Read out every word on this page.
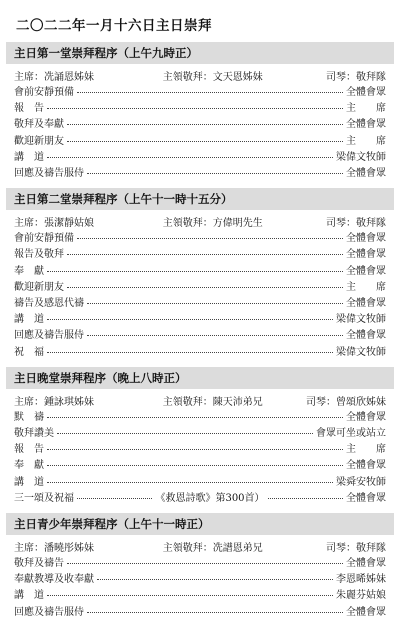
二〇二二年一月十六日主日崇拜
主日第一堂崇拜程序（上午九時正）
主席：冼誦恩姊妹	主領敬拜：文天恩姊妹	司琴：敬拜隊
會前安靜預備	全體會眾
報　告	主　　席
敬拜及奉獻	全體會眾
歡迎新朋友	主　　席
講　道	梁偉文牧師
回應及禱告服侍	全體會眾
主日第二堂崇拜程序（上午十一時十五分）
主席：張潔靜姑娘	主領敬拜：方偉明先生	司琴：敬拜隊
會前安靜預備	全體會眾
報告及敬拜	全體會眾
奉　獻	全體會眾
歡迎新朋友	主　　席
禱告及感恩代禱	全體會眾
講　道	梁偉文牧師
回應及禱告服侍	全體會眾
祝　福	梁偉文牧師
主日晚堂崇拜程序（晚上八時正）
主席：鍾詠琪姊妹	主領敬拜：陳天沛弟兄	司琴：曾頌欣姊妹
默　禱	全體會眾
敬拜讚美	會眾可坐或站立
報　告	主　　席
奉　獻	全體會眾
講　道	梁舜安牧師
三一頌及祝福	《救恩詩歌》第300首）	全體會眾
主日青少年崇拜程序（上午十一時正）
主席：潘曉彤姊妹	主領敬拜：冼譜恩弟兄	司琴：敬拜隊
敬拜及禱告	全體會眾
奉獻教導及收奉獻	李恩晞姊妹
講　道	朱麗芬姑娘
回應及禱告服侍	全體會眾
